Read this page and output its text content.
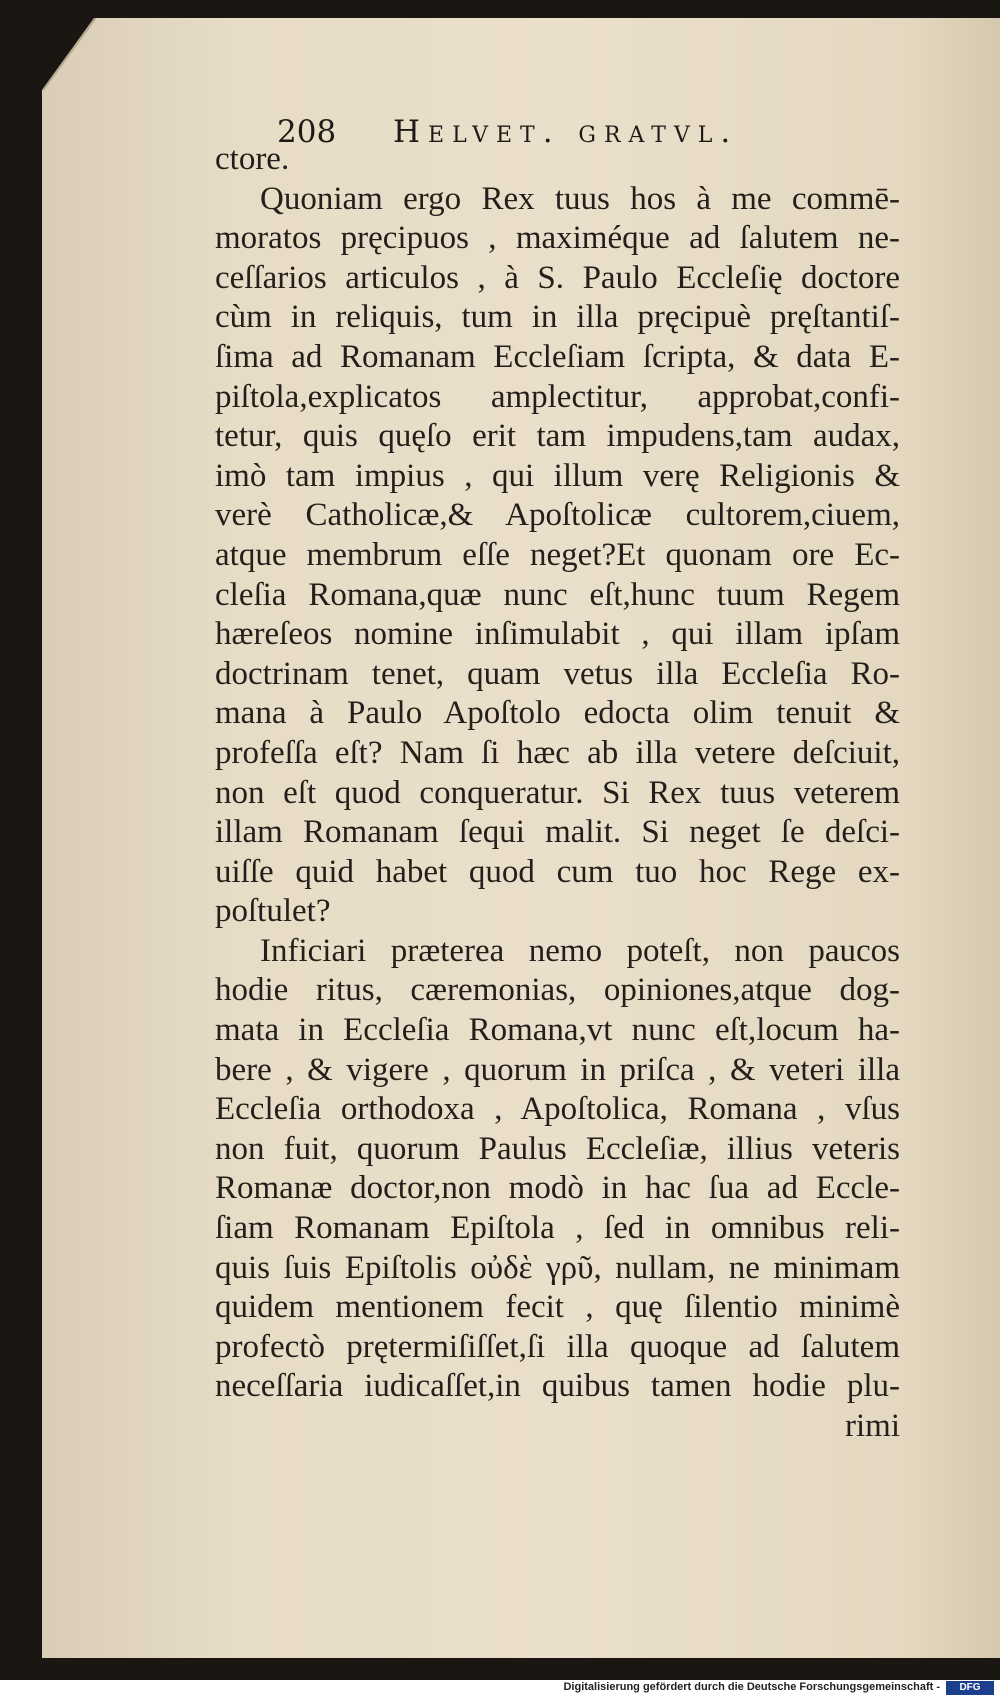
208 Helvet. gratvl.
ctore.
Quoniam ergo Rex tuus hos à me commē-
moratos pręcipuos , maximéque ad ſalutem ne-
ceſſarios articulos , à S. Paulo Eccleſię doctore
cùm in reliquis, tum in illa pręcipuè pręſtantiſ-
ſima ad Romanam Eccleſiam ſcripta, & data E-
piſtola,explicatos amplectitur, approbat,confi-
tetur, quis quęſo erit tam impudens,tam audax,
imò tam impius , qui illum verę Religionis &
verè Catholicæ,& Apoſtolicæ cultorem,ciuem,
atque membrum eſſe neget?Et quonam ore Ec-
cleſia Romana,quæ nunc eſt,hunc tuum Regem
hæreſeos nomine inſimulabit , qui illam ipſam
doctrinam tenet, quam vetus illa Eccleſia Ro-
mana à Paulo Apoſtolo edocta olim tenuit &
profeſſa eſt? Nam ſi hæc ab illa vetere deſciuit,
non eſt quod conqueratur. Si Rex tuus veterem
illam Romanam ſequi malit. Si neget ſe deſci-
uiſſe quid habet quod cum tuo hoc Rege ex-
poſtulet?
Inficiari præterea nemo poteſt, non paucos
hodie ritus, cæremonias, opiniones,atque dog-
mata in Eccleſia Romana,vt nunc eſt,locum ha-
bere , & vigere , quorum in priſca , & veteri illa
Eccleſia orthodoxa , Apoſtolica, Romana , vſus
non fuit, quorum Paulus Eccleſiæ, illius veteris
Romanæ doctor,non modò in hac ſua ad Eccle-
ſiam Romanam Epiſtola , ſed in omnibus reli-
quis ſuis Epiſtolis οὐδὲ γρῦ, nullam, ne minimam
quidem mentionem fecit , quę ſilentio minimè
profectò prętermiſiſſet,ſi illa quoque ad ſalutem
neceſſaria iudicaſſet,in quibus tamen hodie plu-
rimi
Digitalisierung gefördert durch die Deutsche Forschungsgemeinschaft -	DFG
